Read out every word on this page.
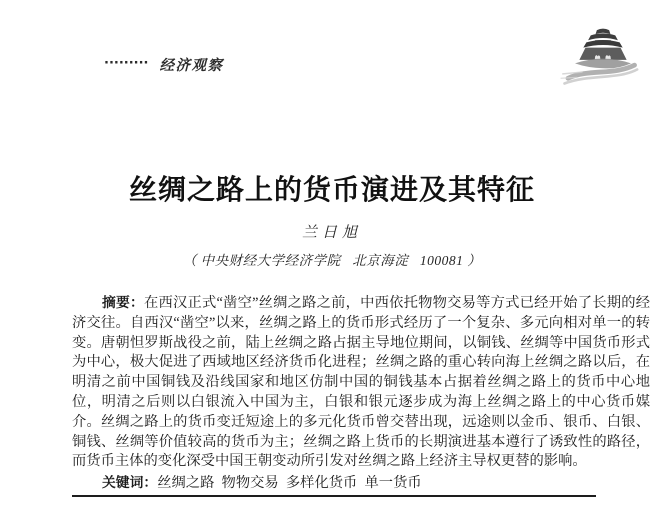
········· 经济观察
丝绸之路上的货币演进及其特征
兰日旭
（ 中央财经大学经济学院   北京海淀   100081 ）

摘要：在西汉正式“凿空”丝绸之路之前，中西依托物物交易等方式已经开始了长期的经济交往。自西汉“凿空”以来，丝绸之路上的货币形式经历了一个复杂、多元向相对单一的转变。唐朝怛罗斯战役之前，陆上丝绸之路占据主导地位期间，以铜钱、丝绸等中国货币形式为中心，极大促进了西域地区经济货币化进程；丝绸之路的重心转向海上丝绸之路以后，在明清之前中国铜钱及沿线国家和地区仿制中国的铜钱基本占据着丝绸之路上的货币中心地位，明清之后则以白银流入中国为主，白银和银元逐步成为海上丝绸之路上的中心货币媒介。丝绸之路上的货币变迁短途上的多元化货币曾交替出现，远途则以金币、银币、白银、铜钱、丝绸等价值较高的货币为主；丝绸之路上货币的长期演进基本遵行了诱致性的路径，而货币主体的变化深受中国王朝变动所引发对丝绸之路上经济主导权更替的影响。

关键词：丝绸之路  物物交易  多样化货币  单一货币
